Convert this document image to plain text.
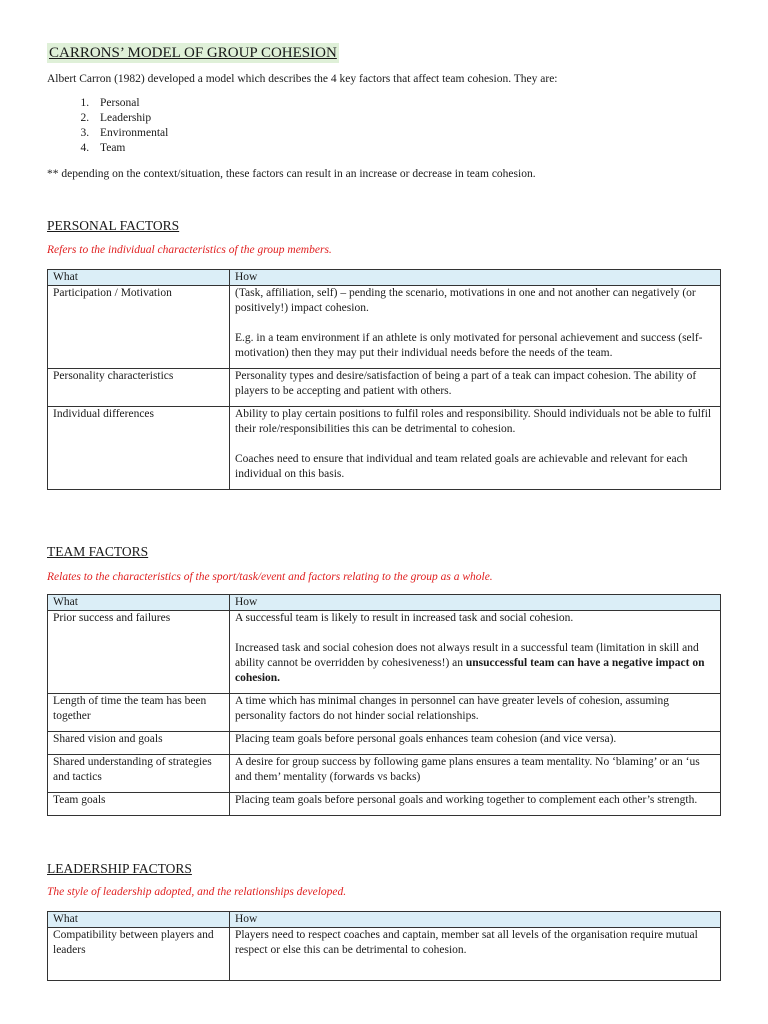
CARRONS’ MODEL OF GROUP COHESION
Albert Carron (1982) developed a model which describes the 4 key factors that affect team cohesion. They are:
1. Personal
2. Leadership
3. Environmental
4. Team
** depending on the context/situation, these factors can result in an increase or decrease in team cohesion.
PERSONAL FACTORS
Refers to the individual characteristics of the group members.
What	How
Participation / Motivation	(Task, affiliation, self) – pending the scenario, motivations in one and not another can negatively (or positively!) impact cohesion.

E.g. in a team environment if an athlete is only motivated for personal achievement and success (self-motivation) then they may put their individual needs before the needs of the team.

Personality characteristics	Personality types and desire/satisfaction of being a part of a teak can impact cohesion. The ability of players to be accepting and patient with others.

Individual differences	Ability to play certain positions to fulfil roles and responsibility. Should individuals not be able to fulfil their role/responsibilities this can be detrimental to cohesion.

Coaches need to ensure that individual and team related goals are achievable and relevant for each individual on this basis.

TEAM FACTORS
Relates to the characteristics of the sport/task/event and factors relating to the group as a whole.
What	How
Prior success and failures	A successful team is likely to result in increased task and social cohesion.

Increased task and social cohesion does not always result in a successful team (limitation in skill and ability cannot be overridden by cohesiveness!) an unsuccessful team can have a negative impact on cohesion.

Length of time the team has been together	A time which has minimal changes in personnel can have greater levels of cohesion, assuming personality factors do not hinder social relationships.

Shared vision and goals	Placing team goals before personal goals enhances team cohesion (and vice versa).

Shared understanding of strategies and tactics	A desire for group success by following game plans ensures a team mentality. No ‘blaming’ or an ‘us and them’ mentality (forwards vs backs)

Team goals	Placing team goals before personal goals and working together to complement each other’s strength.

LEADERSHIP FACTORS
The style of leadership adopted, and the relationships developed.
What	How
Compatibility between players and leaders	Players need to respect coaches and captain, member sat all levels of the organisation require mutual respect or else this can be detrimental to cohesion.
